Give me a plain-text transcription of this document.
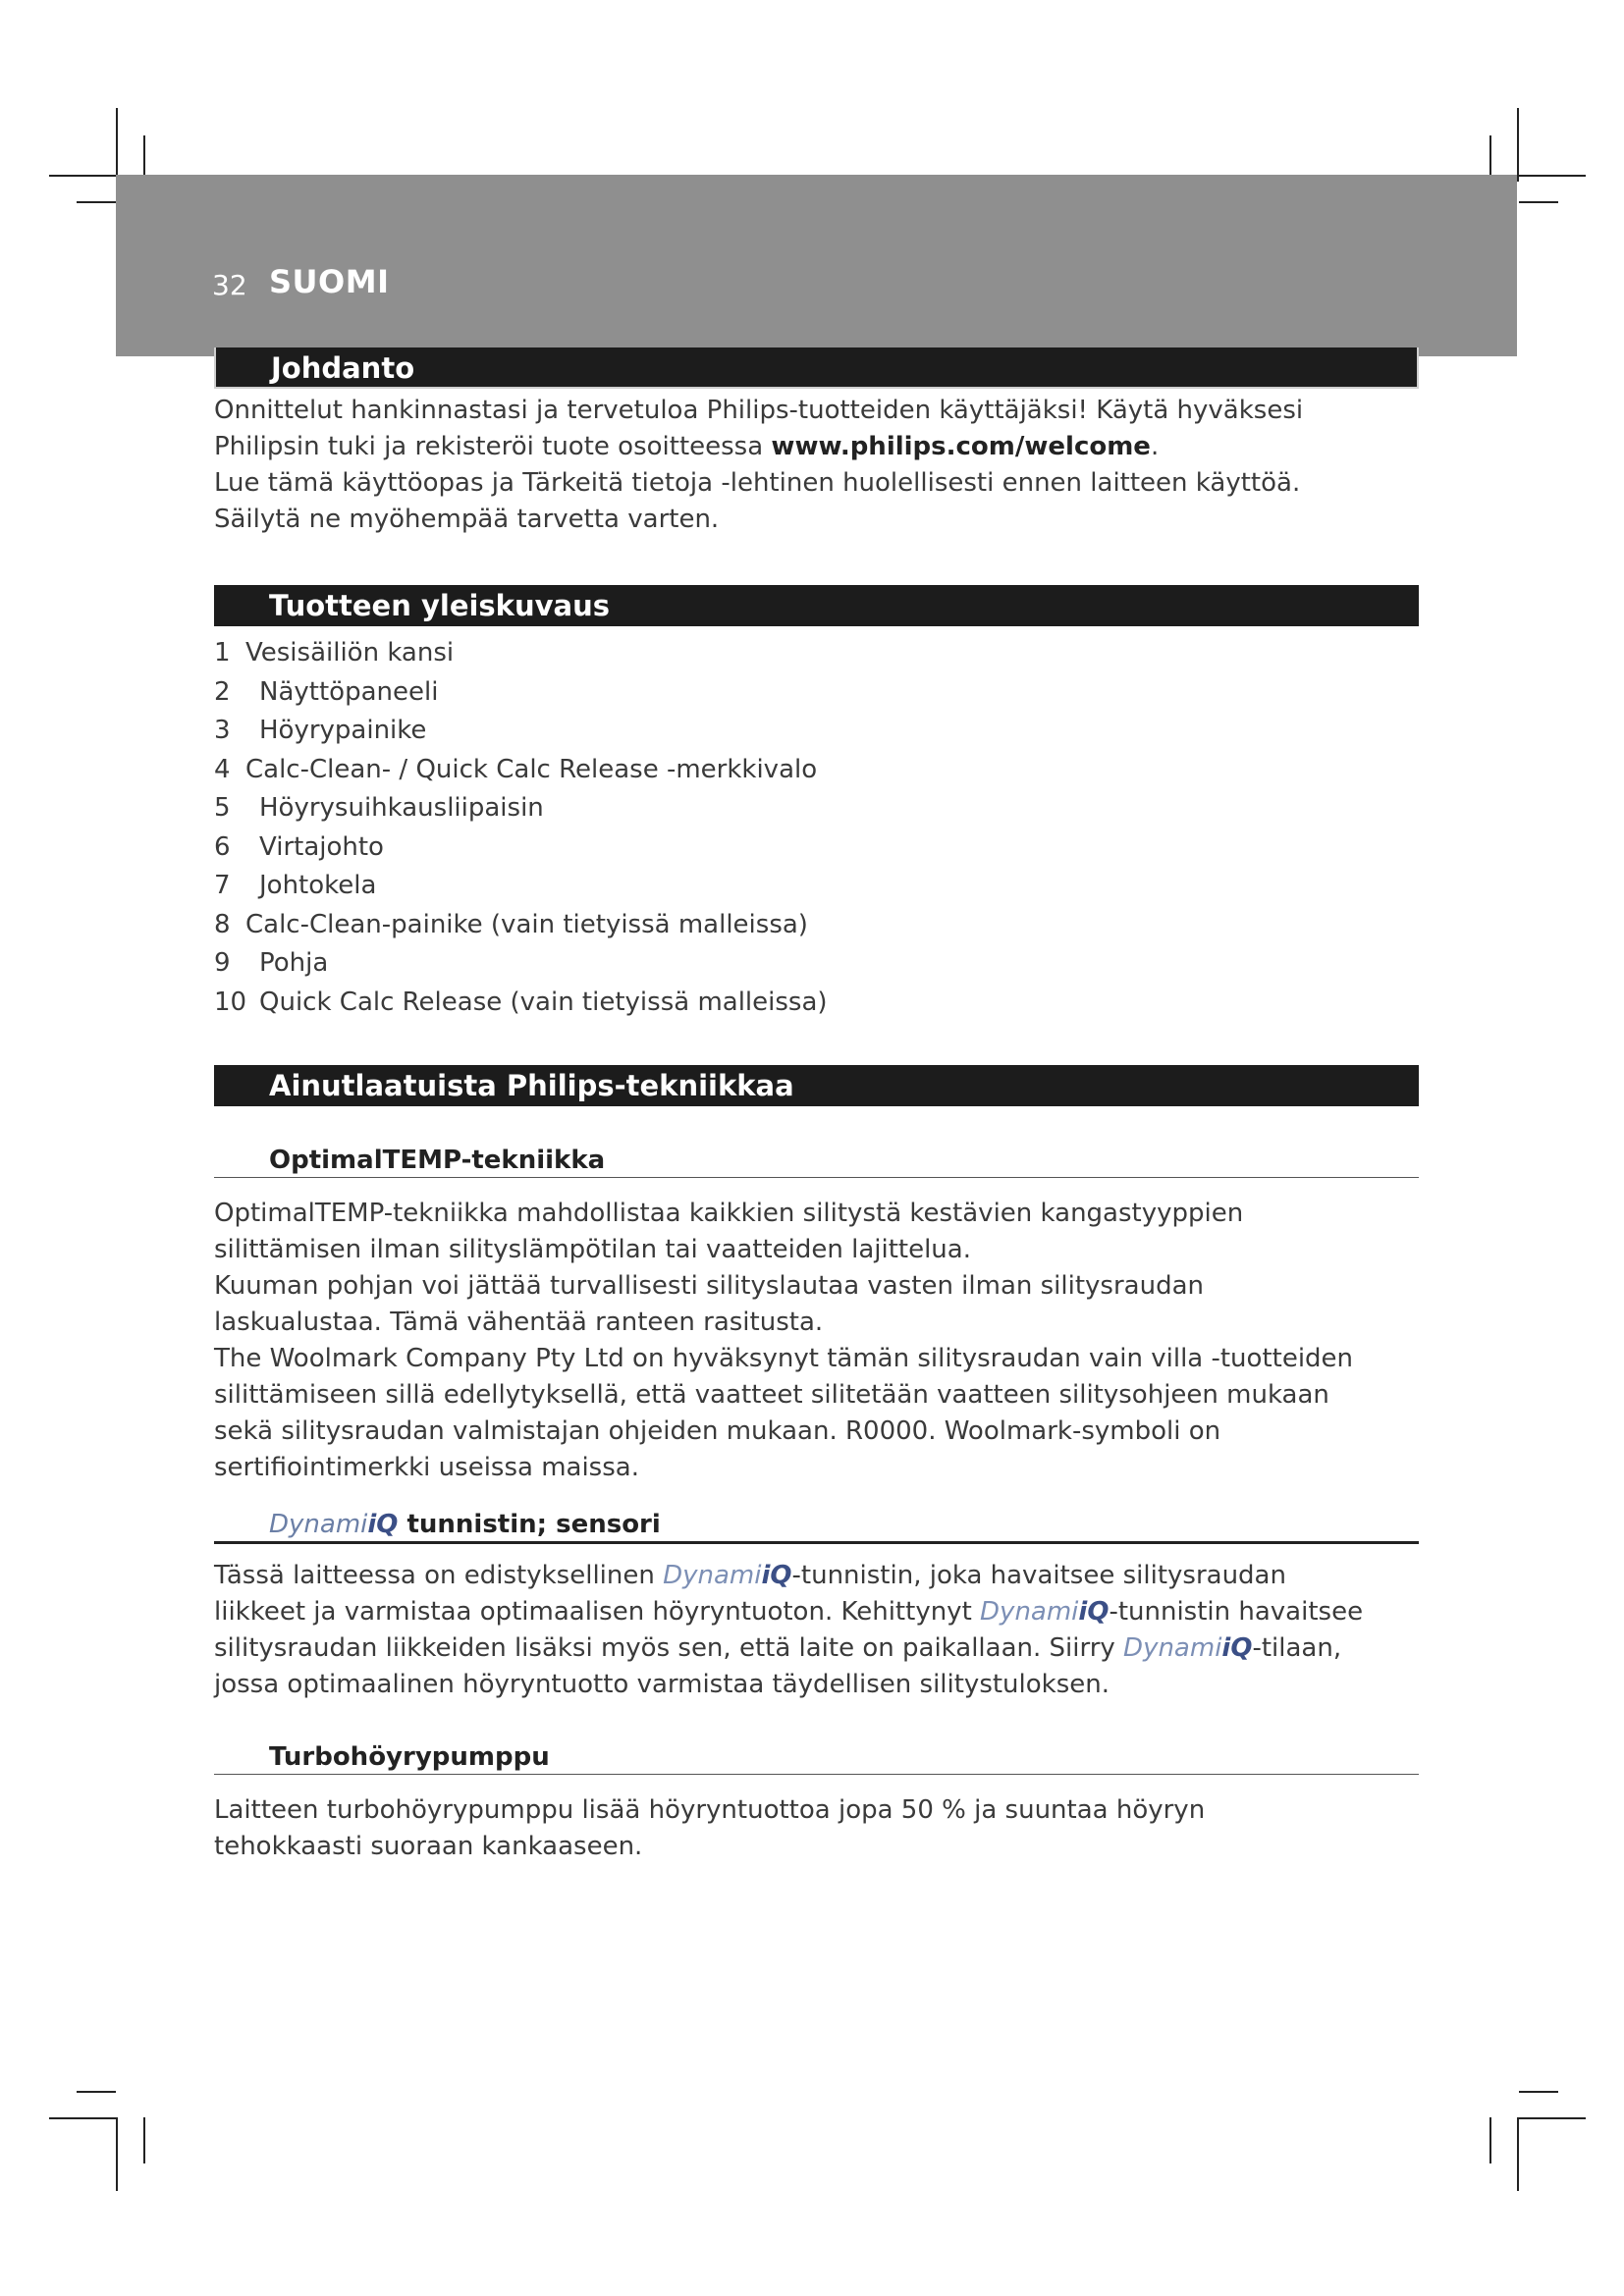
32 SUOMI
Johdanto

Onnittelut hankinnastasi ja tervetuloa Philips-tuotteiden käyttäjäksi! Käytä hyväksesi

Philipsin tuki ja rekisteröi tuote osoitteessa www.philips.com/welcome.

Lue tämä käyttöopas ja Tärkeitä tietoja -lehtinen huolellisesti ennen laitteen käyttöä.

Säilytä ne myöhempää tarvetta varten.

Tuotteen yleiskuvaus
1 Vesisäiliön kansi
2 Näyttöpaneeli
3 Höyrypainike
4 Calc-Clean- / Quick Calc Release -merkkivalo
5 Höyrysuihkausliipaisin
6 Virtajohto
7 Johtokela
8 Calc-Clean-painike (vain tietyissä malleissa)
9 Pohja
10 Quick Calc Release (vain tietyissä malleissa)
Ainutlaatuista Philips-tekniikkaa
OptimalTEMP-tekniikka

OptimalTEMP-tekniikka mahdollistaa kaikkien silitystä kestävien kangastyyppien

silittämisen ilman silityslämpötilan tai vaatteiden lajittelua.

Kuuman pohjan voi jättää turvallisesti silityslautaa vasten ilman silitysraudan

laskualustaa. Tämä vähentää ranteen rasitusta.

The Woolmark Company Pty Ltd on hyväksynyt tämän silitysraudan vain villa -tuotteiden

silittämiseen sillä edellytyksellä, että vaatteet silitetään vaatteen silitysohjeen mukaan

sekä silitysraudan valmistajan ohjeiden mukaan. R0000. Woolmark-symboli on

sertifiointimerkki useissa maissa.

DynamiiQ tunnistin; sensori

Tässä laitteessa on edistyksellinen DynamiiQ-tunnistin, joka havaitsee silitysraudan

liikkeet ja varmistaa optimaalisen höyryntuoton. Kehittynyt DynamiiQ-tunnistin havaitsee

silitysraudan liikkeiden lisäksi myös sen, että laite on paikallaan. Siirry DynamiiQ-tilaan,

jossa optimaalinen höyryntuotto varmistaa täydellisen silitystuloksen.

Turbohöyrypumppu

Laitteen turbohöyrypumppu lisää höyryntuottoa jopa 50 % ja suuntaa höyryn

tehokkaasti suoraan kankaaseen.
